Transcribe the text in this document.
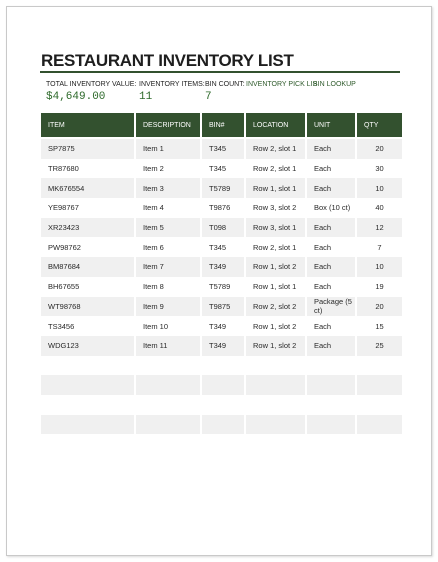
RESTAURANT INVENTORY LIST
TOTAL INVENTORY VALUE:
$4,649.00
INVENTORY ITEMS:
11
BIN COUNT:
7
INVENTORY PICK LIS
BIN LOOKUP
ITEM	DESCRIPTION	BIN#	LOCATION	UNIT	QTY

SP7875	Item 1	T345	Row 2, slot 1	Each	20
TR87680	Item 2	T345	Row 2, slot 1	Each	30
MK676554	Item 3	T5789	Row 1, slot 1	Each	10
YE98767	Item 4	T9876	Row 3, slot 2	Box (10 ct)	40
XR23423	Item 5	T098	Row 3, slot 1	Each	12
PW98762	Item 6	T345	Row 2, slot 1	Each	7
BM87684	Item 7	T349	Row 1, slot 2	Each	10
BH67655	Item 8	T5789	Row 1, slot 1	Each	19
WT98768	Item 9	T9875	Row 2, slot 2	Package (5 ct)	20
TS3456	Item 10	T349	Row 1, slot 2	Each	15
WDG123	Item 11	T349	Row 1, slot 2	Each	25
